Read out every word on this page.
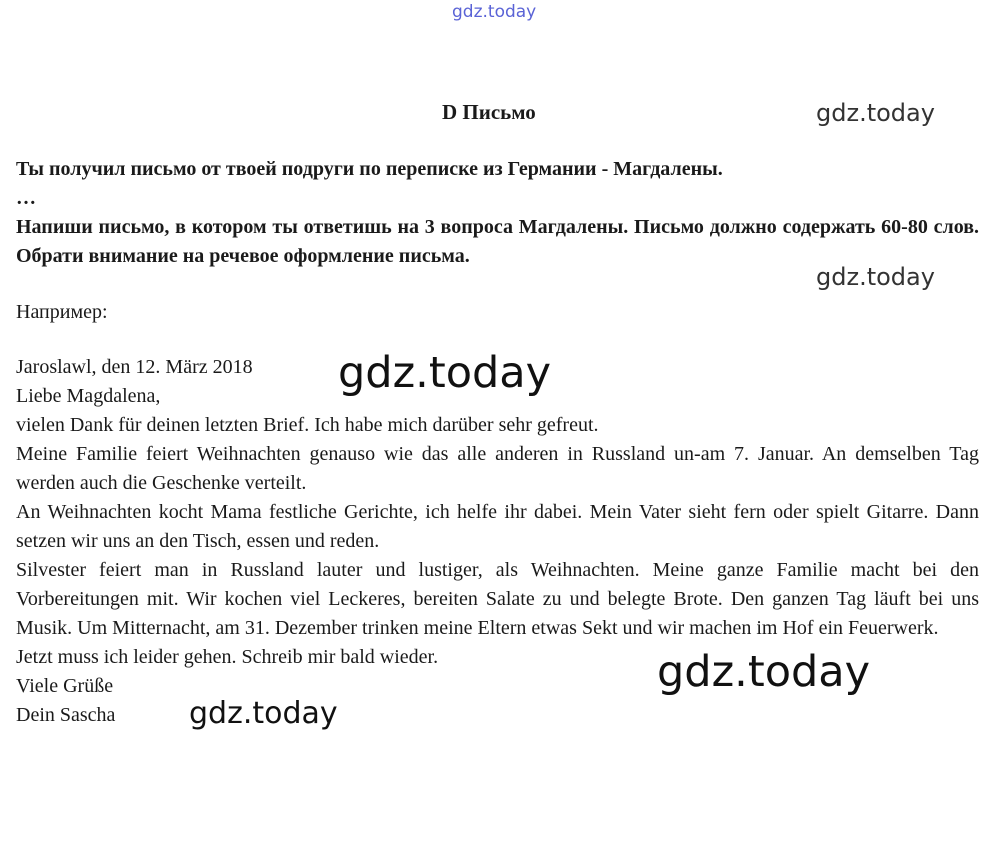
gdz.today
gdz.today
gdz.today
D Письмо

Ты получил письмо от твоей подруги по переписке из Германии - Магдалены.

…

Напиши письмо, в котором ты ответишь на 3 вопроса Магдалены. Письмо должно содержать 60-80 слов. Обрати внимание на речевое оформление письма.

Например:

Jaroslawl, den 12. März 2018

Liebe Magdalena,

vielen Dank für deinen letzten Brief. Ich habe mich darüber sehr gefreut.

Meine Familie feiert Weihnachten genauso wie das alle anderen in Russland un-am 7. Januar. An demselben Tag werden auch die Geschenke verteilt.

An Weihnachten kocht Mama festliche Gerichte, ich helfe ihr dabei. Mein Vater sieht fern oder spielt Gitarre. Dann setzen wir uns an den Tisch, essen und reden.

Silvester feiert man in Russland lauter und lustiger, als Weihnachten. Meine ganze Familie macht bei den Vorbereitungen mit. Wir kochen viel Leckeres, bereiten Salate zu und belegte Brote. Den ganzen Tag läuft bei uns Musik. Um Mitternacht, am 31. Dezember trinken meine Eltern etwas Sekt und wir machen im Hof ein Feuerwerk.

Jetzt muss ich leider gehen. Schreib mir bald wieder.

Viele Grüße

Dein Sascha

gdz.today
gdz.today
gdz.today
